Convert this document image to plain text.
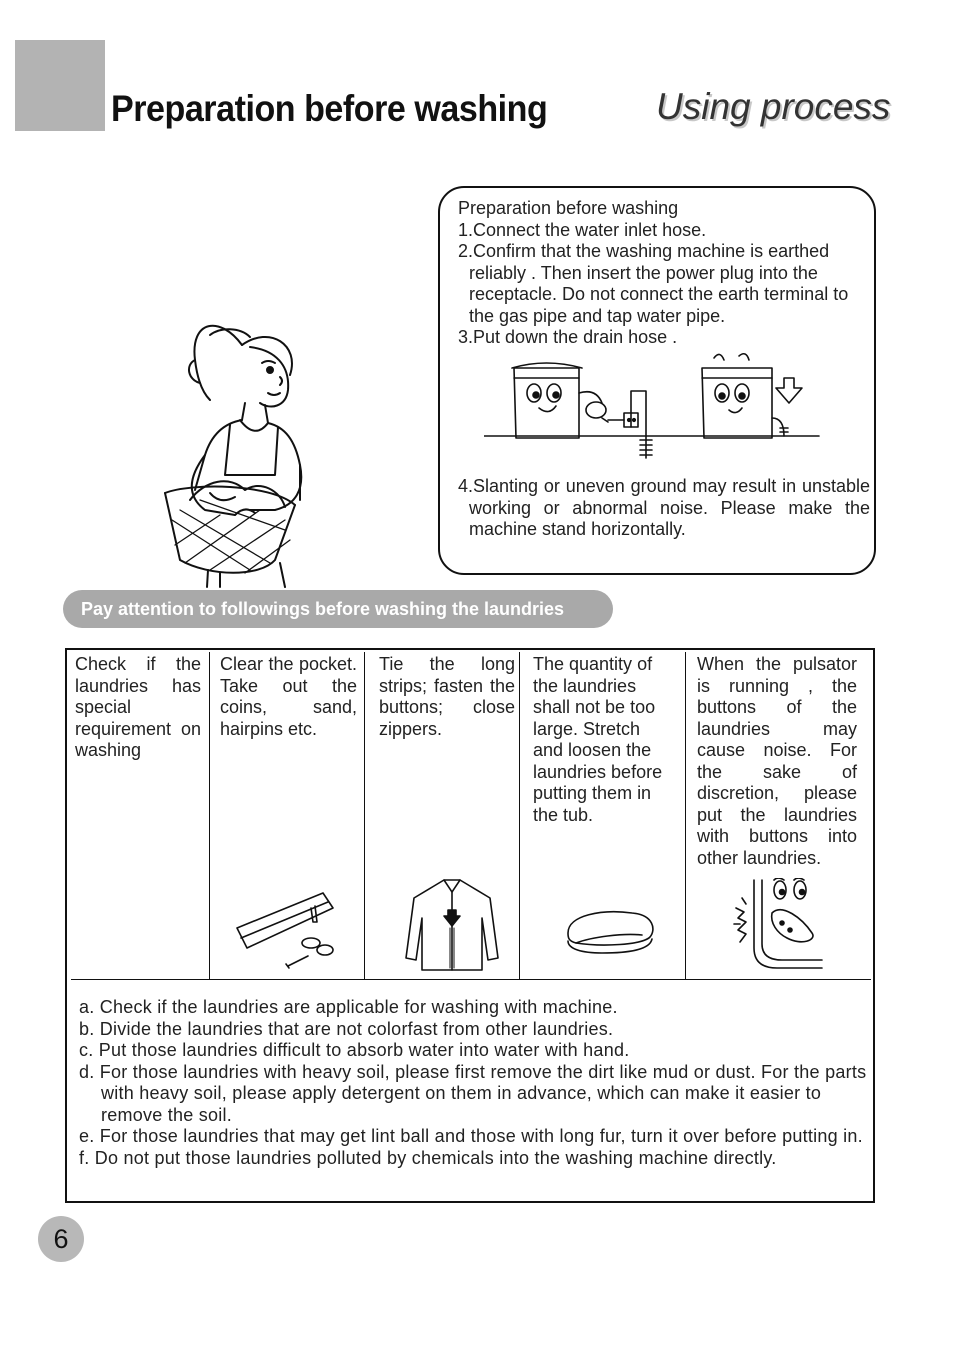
Preparation before washing	Using process
Preparation before washing
1.Connect the water inlet hose.
2.Confirm that the washing machine is earthed reliably . Then insert the power plug into the receptacle. Do not connect the earth terminal to the gas pipe and tap water pipe.
3.Put down the drain hose .
4.Slanting or uneven ground may result in unstable working or abnormal noise. Please make the machine stand horizontally.
Pay attention to followings before washing the laundries
Check if the laundries has special requirement on washing
Clear the pocket. Take out the coins, sand, hairpins etc.
Tie the long strips; fasten the buttons; close zippers.
The quantity of the laundries shall not be too large. Stretch and loosen the laundries before putting them in the tub.
When the pulsator is running , the buttons of the laundries may cause noise. For the sake of discretion, please put the laundries with buttons into other laundries.
a. Check if the laundries are applicable for washing with machine.
b. Divide the laundries that are not colorfast from other laundries.
c. Put those laundries difficult to absorb water into water with hand.
d. For those laundries with heavy soil, please first remove the dirt like mud or dust. For the parts with heavy soil, please apply detergent on them in advance, which can make it easier to remove the soil.
e. For those laundries that may get lint ball and those with long fur, turn it over before putting in.
f. Do not put those laundries polluted by chemicals into the washing machine directly.
6
